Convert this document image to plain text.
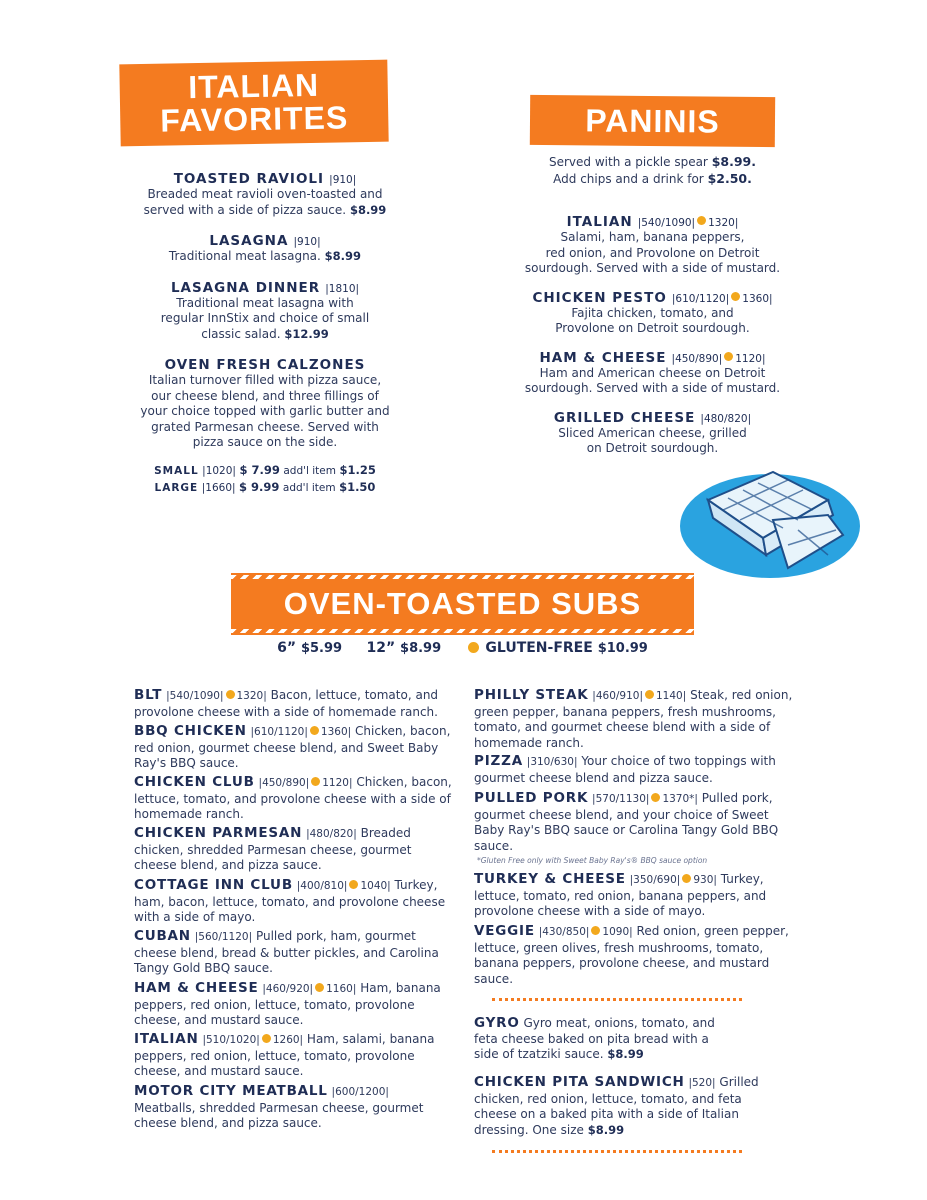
ITALIAN
FAVORITES
TOASTED RAVIOLI |910|
Breaded meat ravioli oven-toasted and
served with a side of pizza sauce. $8.99
LASAGNA |910|
Traditional meat lasagna. $8.99
LASAGNA DINNER |1810|
Traditional meat lasagna with
regular InnStix and choice of small
classic salad. $12.99
OVEN FRESH CALZONES
Italian turnover filled with pizza sauce,
our cheese blend, and three fillings of
your choice topped with garlic butter and
grated Parmesan cheese. Served with
pizza sauce on the side.
SMALL |1020| $ 7.99 add'l item $1.25
LARGE |1660| $ 9.99 add'l item $1.50
PANINIS
Served with a pickle spear $8.99.
Add chips and a drink for $2.50.
ITALIAN |540/1090| 1320|
Salami, ham, banana peppers,
red onion, and Provolone on Detroit
sourdough. Served with a side of mustard.
CHICKEN PESTO |610/1120| 1360|
Fajita chicken, tomato, and
Provolone on Detroit sourdough.
HAM & CHEESE |450/890| 1120|
Ham and American cheese on Detroit
sourdough. Served with a side of mustard.
GRILLED CHEESE |480/820|
Sliced American cheese, grilled
on Detroit sourdough.
OVEN-TOASTED SUBS
6” $5.99 12” $8.99	GLUTEN-FREE $10.99
BLT |540/1090| 1320| Bacon, lettuce, tomato, and provolone cheese with a side of homemade ranch.
BBQ CHICKEN |610/1120| 1360| Chicken, bacon, red onion, gourmet cheese blend, and Sweet Baby Ray's BBQ sauce.
CHICKEN CLUB |450/890| 1120| Chicken, bacon, lettuce, tomato, and provolone cheese with a side of homemade ranch.
CHICKEN PARMESAN |480/820| Breaded chicken, shredded Parmesan cheese, gourmet cheese blend, and pizza sauce.
COTTAGE INN CLUB |400/810| 1040| Turkey, ham, bacon, lettuce, tomato, and provolone cheese with a side of mayo.
CUBAN |560/1120| Pulled pork, ham, gourmet cheese blend, bread & butter pickles, and Carolina Tangy Gold BBQ sauce.
HAM & CHEESE |460/920| 1160| Ham, banana peppers, red onion, lettuce, tomato, provolone cheese, and mustard sauce.
ITALIAN |510/1020| 1260| Ham, salami, banana peppers, red onion, lettuce, tomato, provolone cheese, and mustard sauce.
MOTOR CITY MEATBALL |600/1200| Meatballs, shredded Parmesan cheese, gourmet cheese blend, and pizza sauce.
PHILLY STEAK |460/910| 1140| Steak, red onion, green pepper, banana peppers, fresh mushrooms, tomato, and gourmet cheese blend with a side of homemade ranch.
PIZZA |310/630| Your choice of two toppings with gourmet cheese blend and pizza sauce.
PULLED PORK |570/1130| 1370*| Pulled pork, gourmet cheese blend, and your choice of Sweet Baby Ray's BBQ sauce or Carolina Tangy Gold BBQ sauce.
*Gluten Free only with Sweet Baby Ray's® BBQ sauce option
TURKEY & CHEESE |350/690| 930| Turkey, lettuce, tomato, red onion, banana peppers, and provolone cheese with a side of mayo.
VEGGIE |430/850| 1090| Red onion, green pepper, lettuce, green olives, fresh mushrooms, tomato, banana peppers, provolone cheese, and mustard sauce.
GYRO Gyro meat, onions, tomato, and feta cheese baked on pita bread with a side of tzatziki sauce. $8.99
CHICKEN PITA SANDWICH |520| Grilled chicken, red onion, lettuce, tomato, and feta cheese on a baked pita with a side of Italian dressing. One size $8.99
